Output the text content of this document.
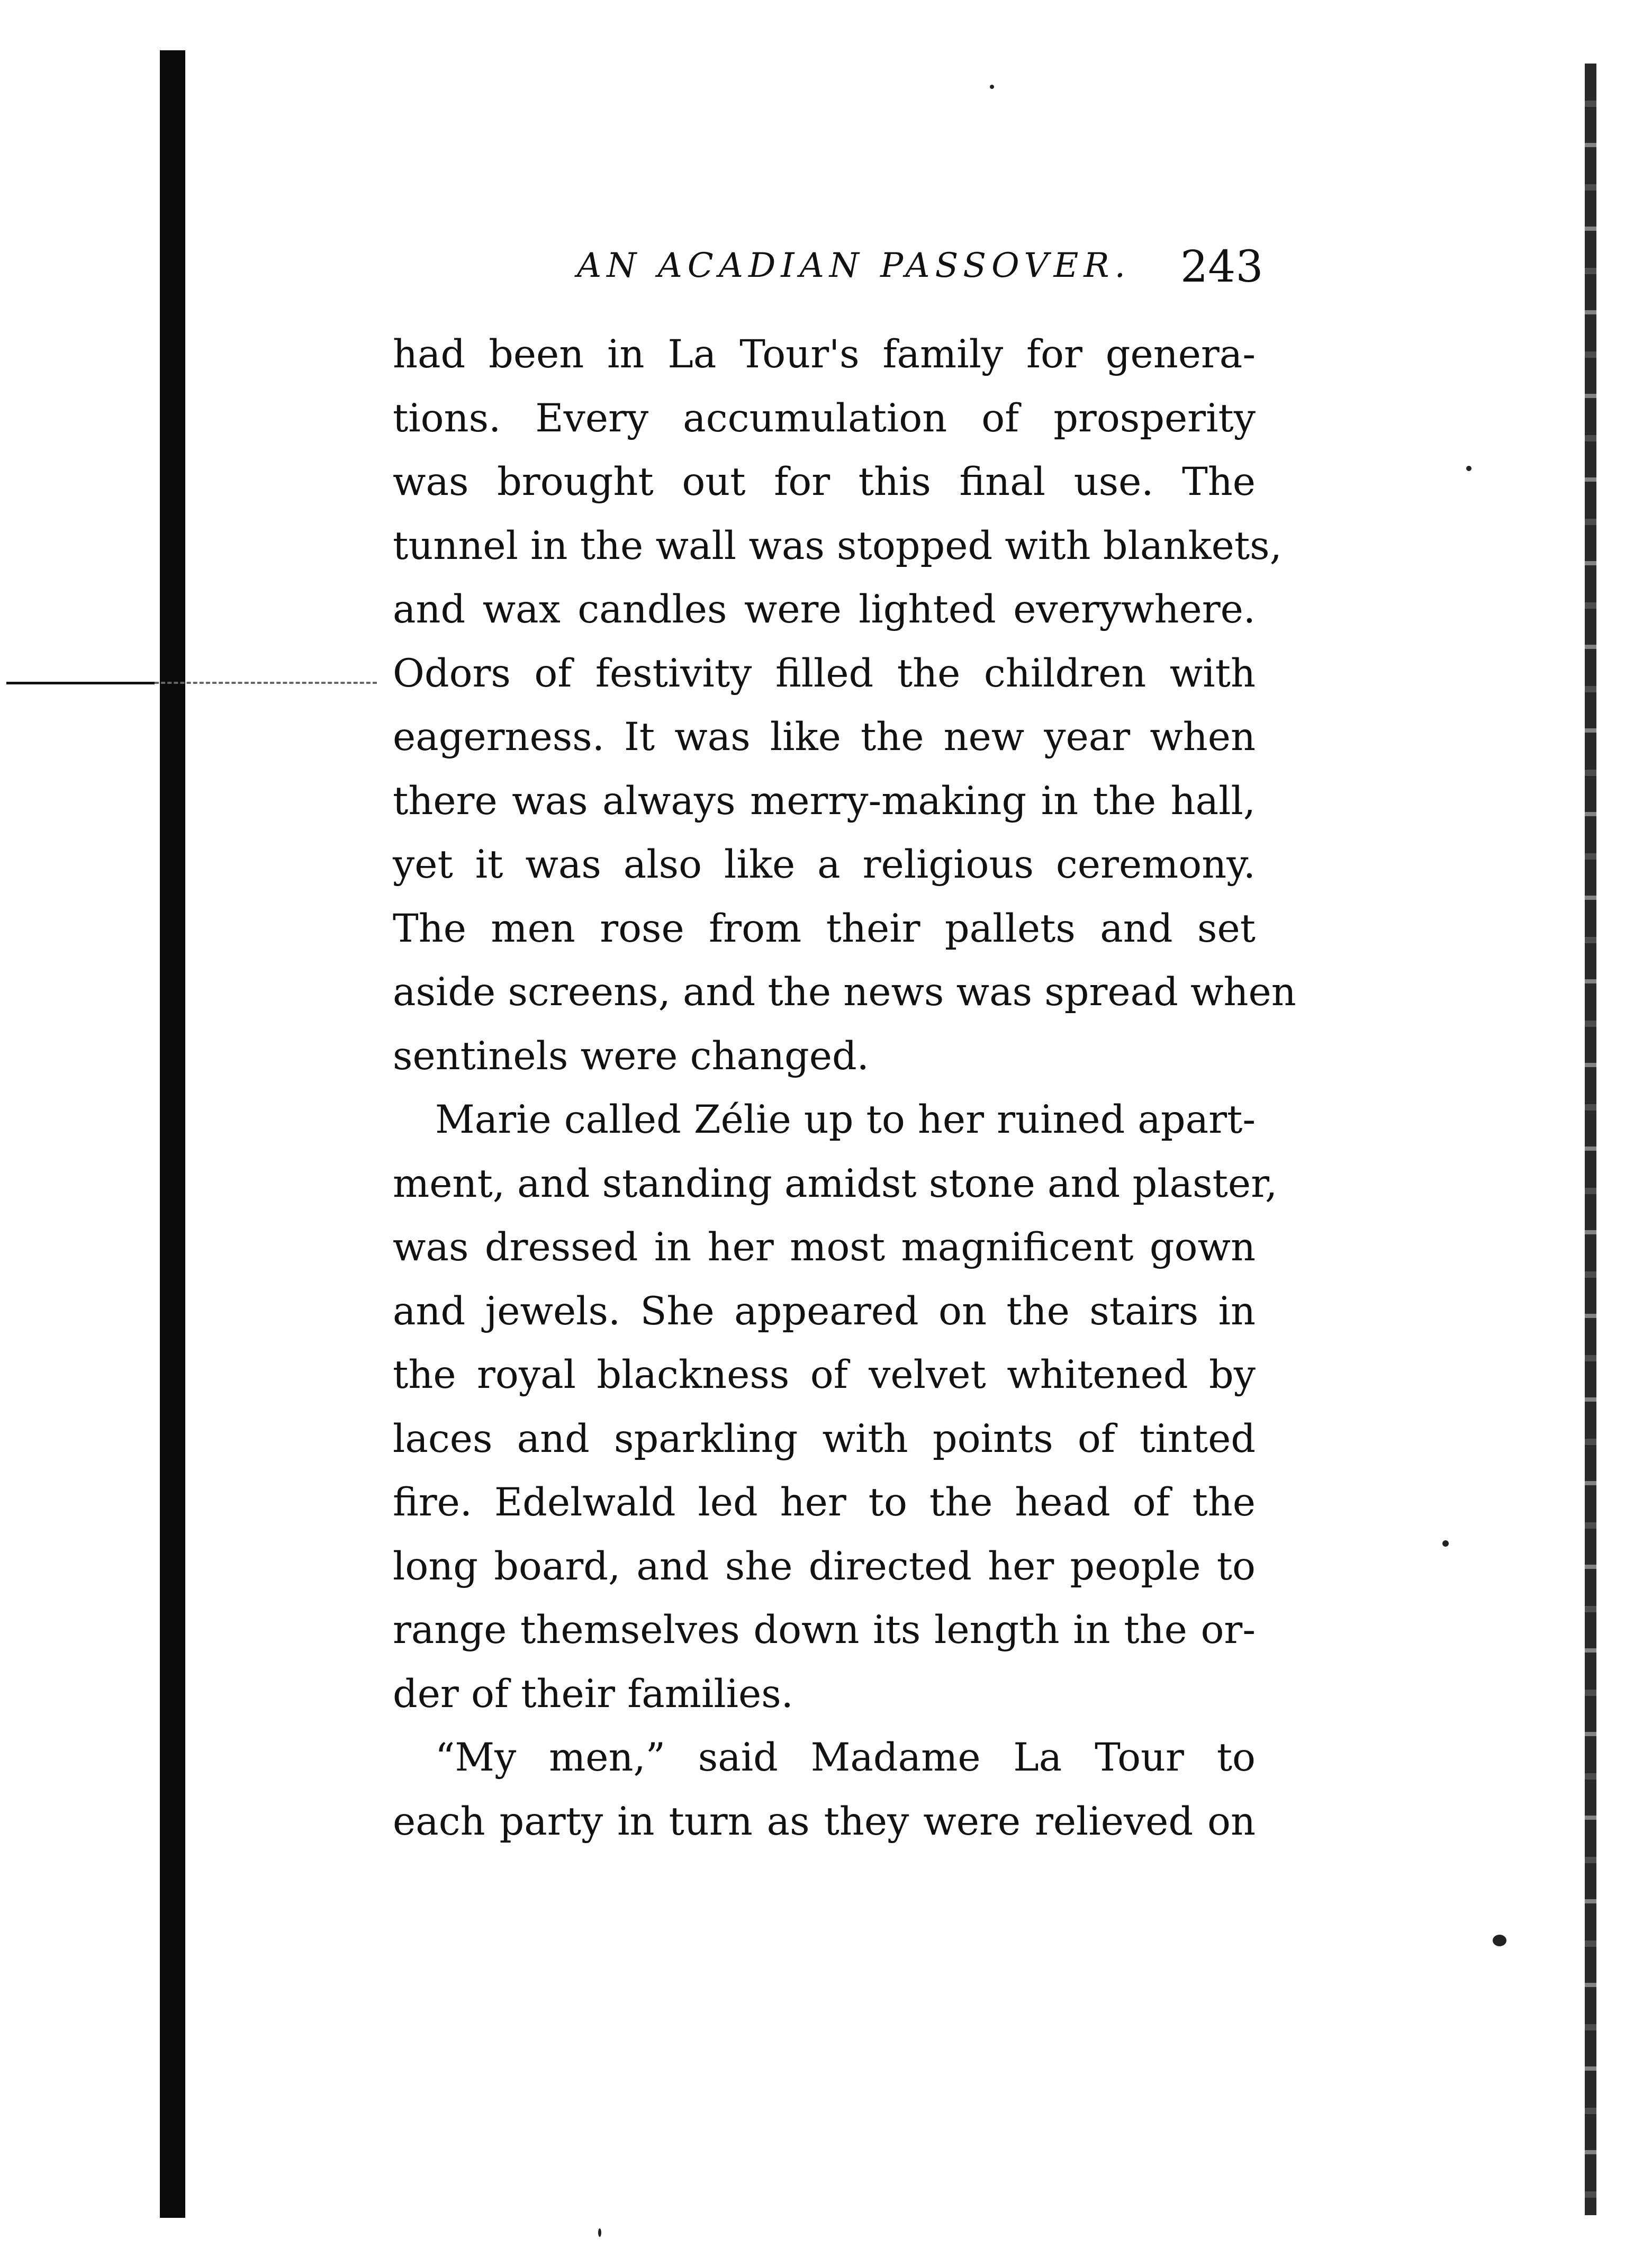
AN ACADIAN PASSOVER. 243
had been in La Tour's family for genera-
tions. Every accumulation of prosperity
was brought out for this final use. The
tunnel in the wall was stopped with blankets,
and wax candles were lighted everywhere.
Odors of festivity filled the children with
eagerness. It was like the new year when
there was always merry-making in the hall,
yet it was also like a religious ceremony.
The men rose from their pallets and set
aside screens, and the news was spread when
sentinels were changed.
Marie called Zélie up to her ruined apart-
ment, and standing amidst stone and plaster,
was dressed in her most magnificent gown
and jewels. She appeared on the stairs in
the royal blackness of velvet whitened by
laces and sparkling with points of tinted
fire. Edelwald led her to the head of the
long board, and she directed her people to
range themselves down its length in the or-
der of their families.
“My men,” said Madame La Tour to
each party in turn as they were relieved on
